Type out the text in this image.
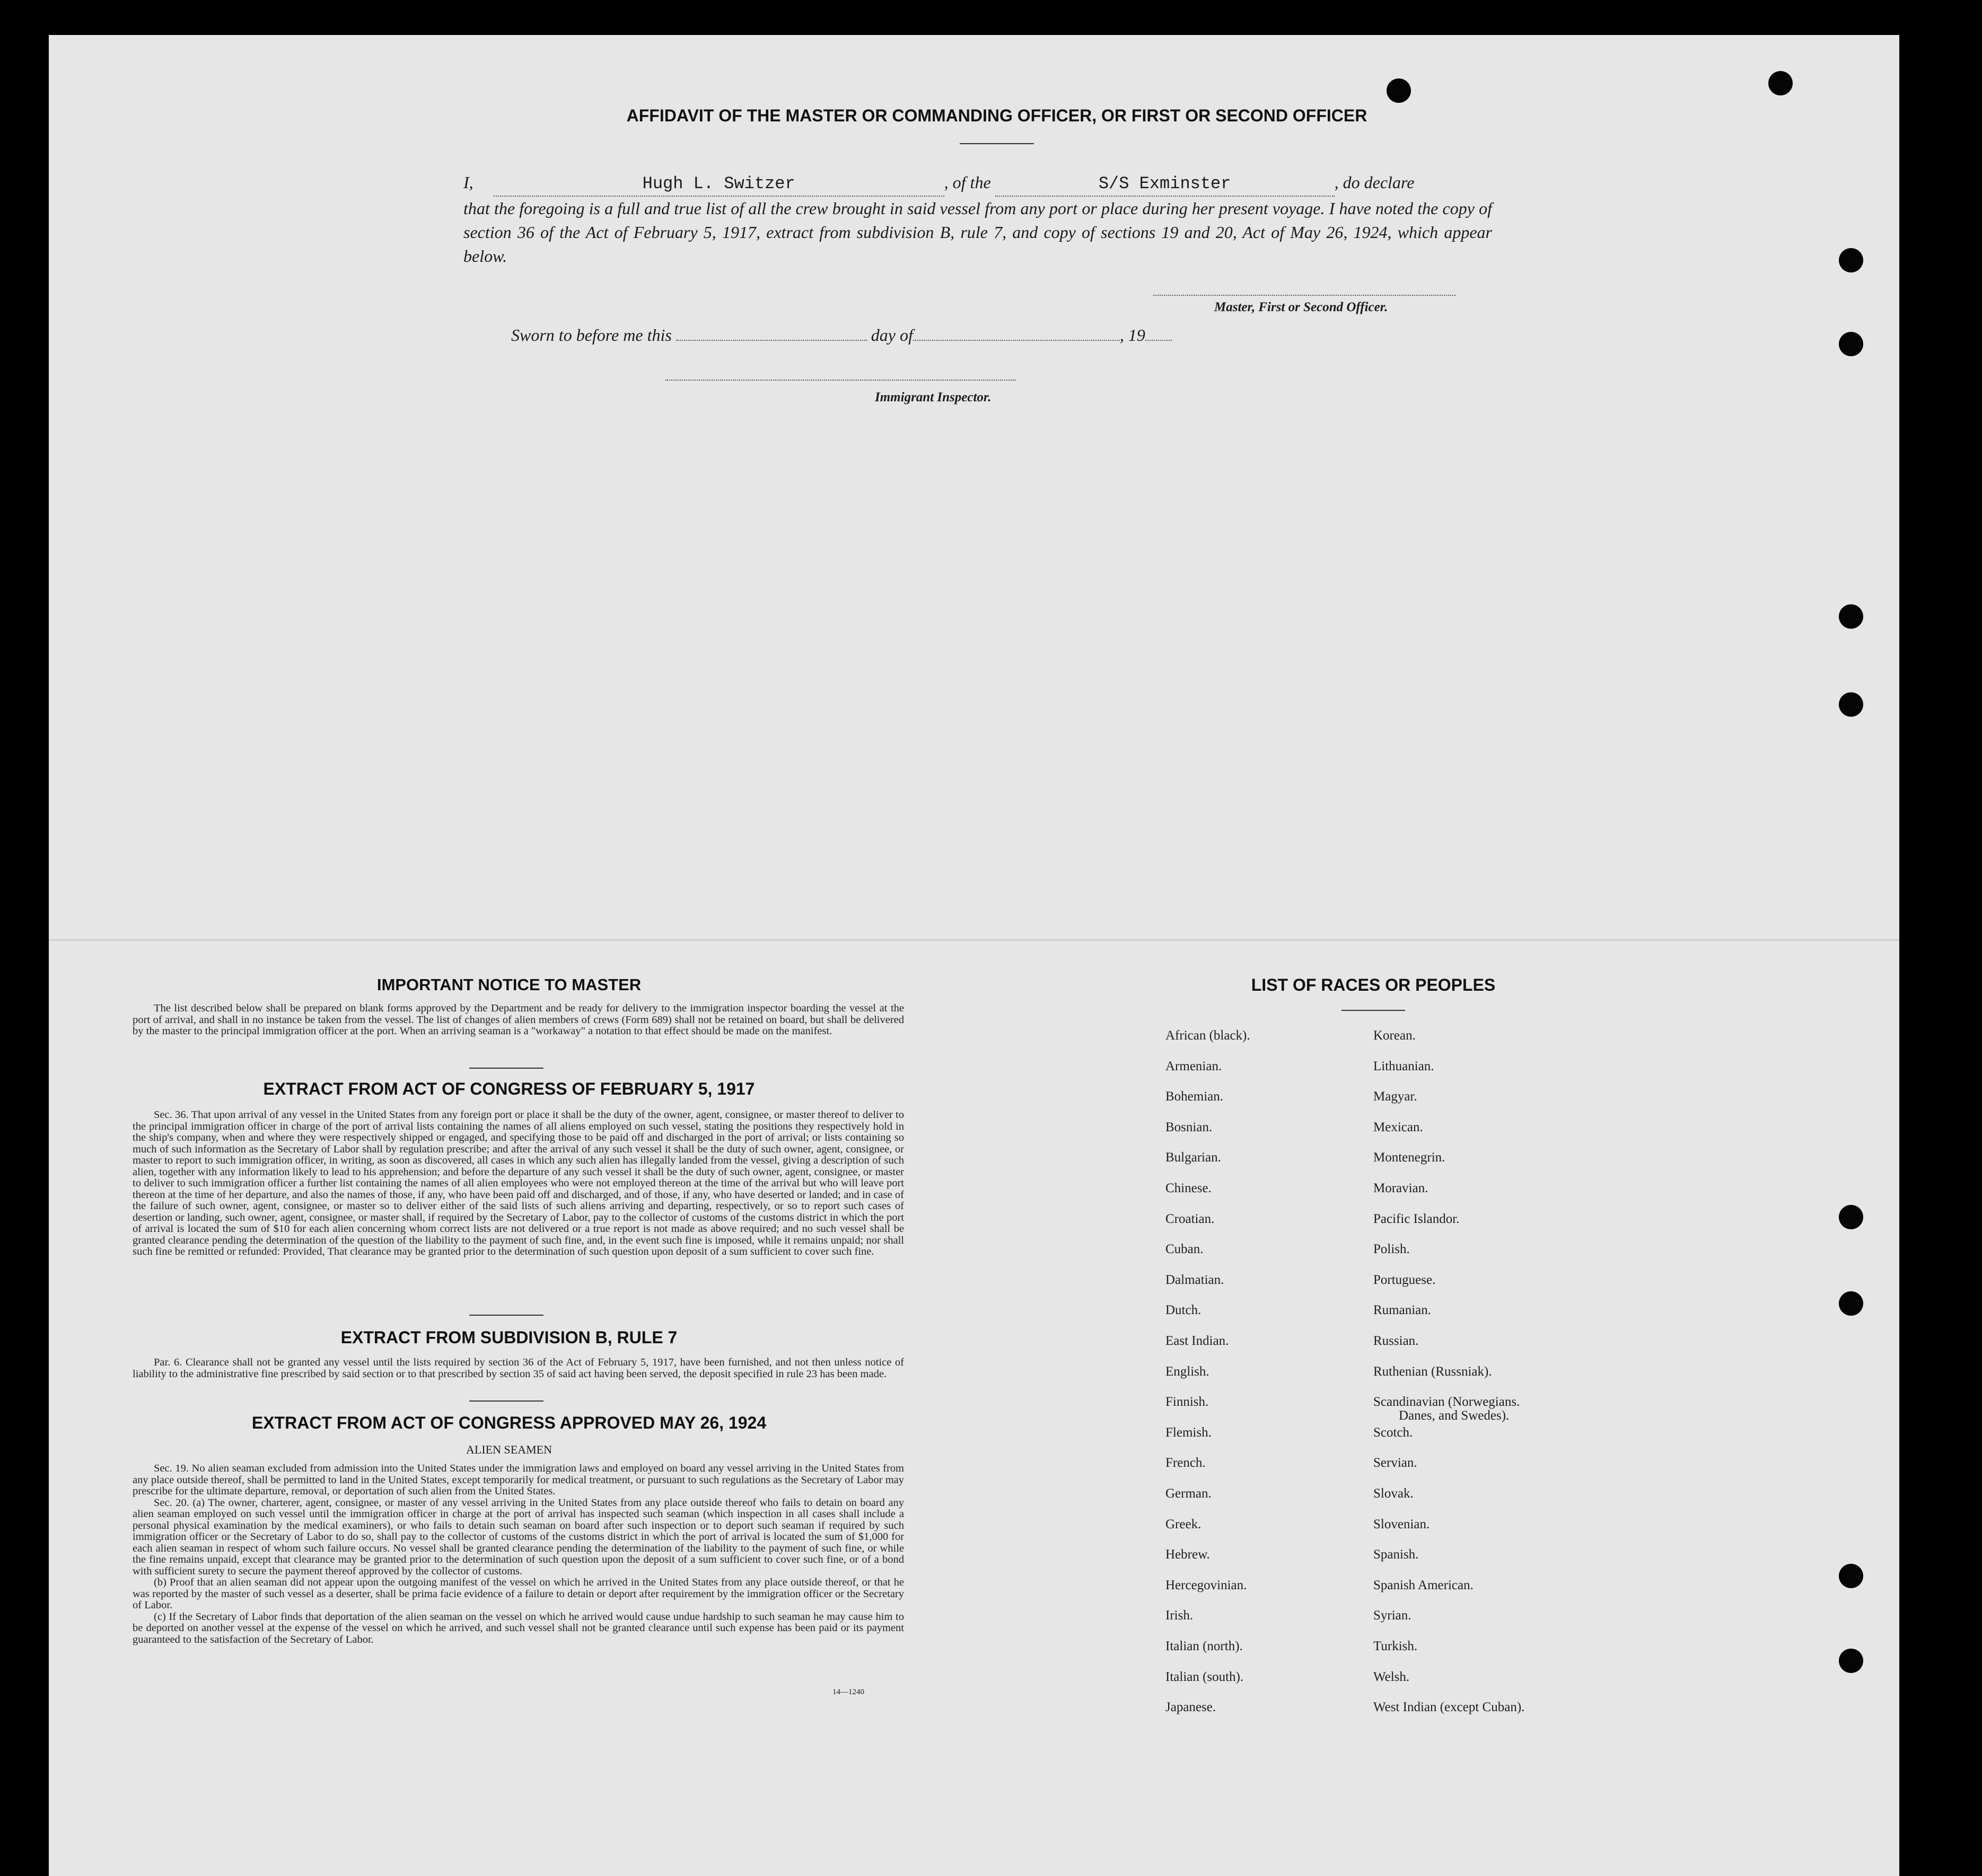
AFFIDAVIT OF THE MASTER OR COMMANDING OFFICER, OR FIRST OR SECOND OFFICER
I,	Hugh L. Switzer	, of the	S/S Exminster	, do declare
that the foregoing is a full and true list of all the crew brought in said vessel from any port or place during her present voyage. I have noted the copy of section 36 of the Act of February 5, 1917, extract from subdivision B, rule 7, and copy of sections 19 and 20, Act of May 26, 1924, which appear below.
Master, First or Second Officer.
Sworn to before me this	day of	, 19
Immigrant Inspector.
IMPORTANT NOTICE TO MASTER

The list described below shall be prepared on blank forms approved by the Department and be ready for delivery to the immigration inspector boarding the vessel at the port of arrival, and shall in no instance be taken from the vessel. The list of changes of alien members of crews (Form 689) shall not be retained on board, but shall be delivered by the master to the principal immigration officer at the port. When an arriving seaman is a "workaway" a notation to that effect should be made on the manifest.

EXTRACT FROM ACT OF CONGRESS OF FEBRUARY 5, 1917

Sec. 36. That upon arrival of any vessel in the United States from any foreign port or place it shall be the duty of the owner, agent, consignee, or master thereof to deliver to the principal immigration officer in charge of the port of arrival lists containing the names of all aliens employed on such vessel, stating the positions they respectively hold in the ship's company, when and where they were respectively shipped or engaged, and specifying those to be paid off and discharged in the port of arrival; or lists containing so much of such information as the Secretary of Labor shall by regulation prescribe; and after the arrival of any such vessel it shall be the duty of such owner, agent, consignee, or master to report to such immigration officer, in writing, as soon as discovered, all cases in which any such alien has illegally landed from the vessel, giving a description of such alien, together with any information likely to lead to his apprehension; and before the departure of any such vessel it shall be the duty of such owner, agent, consignee, or master to deliver to such immigration officer a further list containing the names of all alien employees who were not employed thereon at the time of the arrival but who will leave port thereon at the time of her departure, and also the names of those, if any, who have been paid off and discharged, and of those, if any, who have deserted or landed; and in case of the failure of such owner, agent, consignee, or master so to deliver either of the said lists of such aliens arriving and departing, respectively, or so to report such cases of desertion or landing, such owner, agent, consignee, or master shall, if required by the Secretary of Labor, pay to the collector of customs of the customs district in which the port of arrival is located the sum of $10 for each alien concerning whom correct lists are not delivered or a true report is not made as above required; and no such vessel shall be granted clearance pending the determination of the question of the liability to the payment of such fine, and, in the event such fine is imposed, while it remains unpaid; nor shall such fine be remitted or refunded: Provided, That clearance may be granted prior to the determination of such question upon deposit of a sum sufficient to cover such fine.

EXTRACT FROM SUBDIVISION B, RULE 7

Par. 6. Clearance shall not be granted any vessel until the lists required by section 36 of the Act of February 5, 1917, have been furnished, and not then unless notice of liability to the administrative fine prescribed by said section or to that prescribed by section 35 of said act having been served, the deposit specified in rule 23 has been made.

EXTRACT FROM ACT OF CONGRESS APPROVED MAY 26, 1924
ALIEN SEAMEN

Sec. 19. No alien seaman excluded from admission into the United States under the immigration laws and employed on board any vessel arriving in the United States from any place outside thereof, shall be permitted to land in the United States, except temporarily for medical treatment, or pursuant to such regulations as the Secretary of Labor may prescribe for the ultimate departure, removal, or deportation of such alien from the United States.

Sec. 20. (a) The owner, charterer, agent, consignee, or master of any vessel arriving in the United States from any place outside thereof who fails to detain on board any alien seaman employed on such vessel until the immigration officer in charge at the port of arrival has inspected such seaman (which inspection in all cases shall include a personal physical examination by the medical examiners), or who fails to detain such seaman on board after such inspection or to deport such seaman if required by such immigration officer or the Secretary of Labor to do so, shall pay to the collector of customs of the customs district in which the port of arrival is located the sum of $1,000 for each alien seaman in respect of whom such failure occurs. No vessel shall be granted clearance pending the determination of the liability to the payment of such fine, or while the fine remains unpaid, except that clearance may be granted prior to the determination of such question upon the deposit of a sum sufficient to cover such fine, or of a bond with sufficient surety to secure the payment thereof approved by the collector of customs.

(b) Proof that an alien seaman did not appear upon the outgoing manifest of the vessel on which he arrived in the United States from any place outside thereof, or that he was reported by the master of such vessel as a deserter, shall be prima facie evidence of a failure to detain or deport after requirement by the immigration officer or the Secretary of Labor.

(c) If the Secretary of Labor finds that deportation of the alien seaman on the vessel on which he arrived would cause undue hardship to such seaman he may cause him to be deported on another vessel at the expense of the vessel on which he arrived, and such vessel shall not be granted clearance until such expense has been paid or its payment guaranteed to the satisfaction of the Secretary of Labor.

14—1240
LIST OF RACES OR PEOPLES
African (black).
Armenian.
Bohemian.
Bosnian.
Bulgarian.
Chinese.
Croatian.
Cuban.
Dalmatian.
Dutch.
East Indian.
English.
Finnish.
Flemish.
French.
German.
Greek.
Hebrew.
Hercegovinian.
Irish.
Italian (north).
Italian (south).
Japanese.
Korean.
Lithuanian.
Magyar.
Mexican.
Montenegrin.
Moravian.
Pacific Islandor.
Polish.
Portuguese.
Rumanian.
Russian.
Ruthenian (Russniak).
Scandinavian (Norwegians.
Danes, and Swedes).
Scotch.
Servian.
Slovak.
Slovenian.
Spanish.
Spanish American.
Syrian.
Turkish.
Welsh.
West Indian (except Cuban).
